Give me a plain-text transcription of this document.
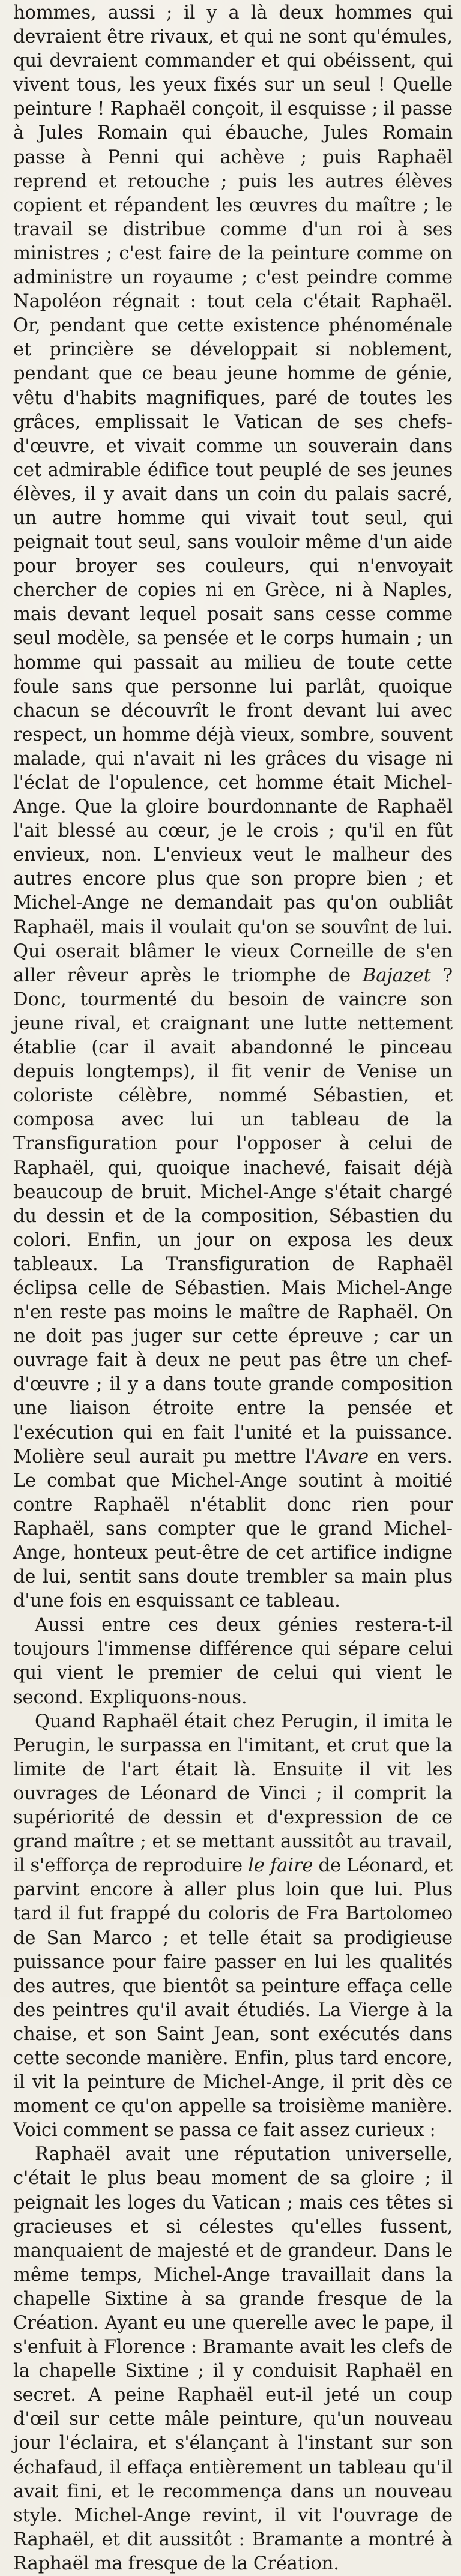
hommes, aussi ; il y a là deux hommes qui devraient être rivaux, et qui ne sont qu'émules, qui devraient commander et qui obéissent, qui vivent tous, les yeux fixés sur un seul ! Quelle peinture ! Raphaël conçoit, il esquisse ; il passe à Jules Romain qui ébauche, Jules Romain passe à Penni qui achève ; puis Raphaël reprend et retouche ; puis les autres élèves copient et répandent les œuvres du maître ; le travail se distribue comme d'un roi à ses ministres ; c'est faire de la peinture comme on administre un royaume ; c'est peindre comme Napoléon régnait : tout cela c'était Raphaël. Or, pendant que cette existence phénoménale et princière se développait si noblement, pendant que ce beau jeune homme de génie, vêtu d'habits magnifiques, paré de toutes les grâces, emplissait le Vatican de ses chefs-d'œuvre, et vivait comme un souverain dans cet admirable édifice tout peuplé de ses jeunes élèves, il y avait dans un coin du palais sacré, un autre homme qui vivait tout seul, qui peignait tout seul, sans vouloir même d'un aide pour broyer ses couleurs, qui n'envoyait chercher de copies ni en Grèce, ni à Naples, mais devant lequel posait sans cesse comme seul modèle, sa pensée et le corps humain ; un homme qui passait au milieu de toute cette foule sans que personne lui parlât, quoique chacun se découvrît le front devant lui avec respect, un homme déjà vieux, sombre, souvent malade, qui n'avait ni les grâces du visage ni l'éclat de l'opulence, cet homme était Michel-Ange. Que la gloire bourdonnante de Raphaël l'ait blessé au cœur, je le crois ; qu'il en fût envieux, non. L'envieux veut le malheur des autres encore plus que son propre bien ; et Michel-Ange ne demandait pas qu'on oubliât Raphaël, mais il voulait qu'on se souvînt de lui. Qui oserait blâmer le vieux Corneille de s'en aller rêveur après le triomphe de Bajazet ? Donc, tourmenté du besoin de vaincre son jeune rival, et craignant une lutte nettement établie (car il avait abandonné le pinceau depuis longtemps), il fit venir de Venise un coloriste célèbre, nommé Sébastien, et composa avec lui un tableau de la Transfiguration pour l'opposer à celui de Raphaël, qui, quoique inachevé, faisait déjà beaucoup de bruit. Michel-Ange s'était chargé du dessin et de la composition, Sébastien du colori. Enfin, un jour on exposa les deux tableaux. La Transfiguration de Raphaël éclipsa celle de Sébastien. Mais Michel-Ange n'en reste pas moins le maître de Raphaël. On ne doit pas juger sur cette épreuve ; car un ouvrage fait à deux ne peut pas être un chef-d'œuvre ; il y a dans toute grande composition une liaison étroite entre la pensée et l'exécution qui en fait l'unité et la puissance. Molière seul aurait pu mettre l'Avare en vers. Le combat que Michel-Ange soutint à moitié contre Raphaël n'établit donc rien pour Raphaël, sans compter que le grand Michel-Ange, honteux peut-être de cet artifice indigne de lui, sentit sans doute trembler sa main plus d'une fois en esquissant ce tableau.

Aussi entre ces deux génies restera-t-il toujours l'immense différence qui sépare celui qui vient le premier de celui qui vient le second. Expliquons-nous.

Quand Raphaël était chez Perugin, il imita le Perugin, le surpassa en l'imitant, et crut que la limite de l'art était là. Ensuite il vit les ouvrages de Léonard de Vinci ; il comprit la supériorité de dessin et d'expression de ce grand maître ; et se mettant aussitôt au travail, il s'efforça de reproduire le faire de Léonard, et parvint encore à aller plus loin que lui. Plus tard il fut frappé du coloris de Fra Bartolomeo de San Marco ; et telle était sa prodigieuse puissance pour faire passer en lui les qualités des autres, que bientôt sa peinture effaça celle des peintres qu'il avait étudiés. La Vierge à la chaise, et son Saint Jean, sont exécutés dans cette seconde manière. Enfin, plus tard encore, il vit la peinture de Michel-Ange, il prit dès ce moment ce qu'on appelle sa troisième manière. Voici comment se passa ce fait assez curieux :

Raphaël avait une réputation universelle, c'était le plus beau moment de sa gloire ; il peignait les loges du Vatican ; mais ces têtes si gracieuses et si célestes qu'elles fussent, manquaient de majesté et de grandeur. Dans le même temps, Michel-Ange travaillait dans la chapelle Sixtine à sa grande fresque de la Création. Ayant eu une querelle avec le pape, il s'enfuit à Florence : Bramante avait les clefs de la chapelle Sixtine ; il y conduisit Raphaël en secret. A peine Raphaël eut-il jeté un coup d'œil sur cette mâle peinture, qu'un nouveau jour l'éclaira, et s'élançant à l'instant sur son échafaud, il effaça entièrement un tableau qu'il avait fini, et le recommença dans un nouveau style. Michel-Ange revint, il vit l'ouvrage de Raphaël, et dit aussitôt : Bramante a montré à Raphaël ma fresque de la Création.
